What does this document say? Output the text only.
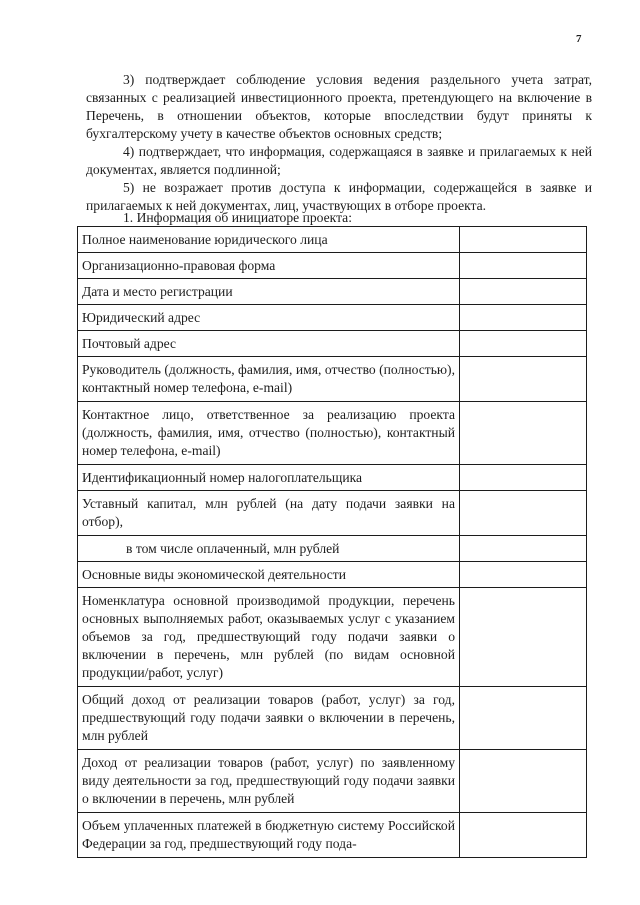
7

3) подтверждает соблюдение условия ведения раздельного учета затрат, связанных с реализацией инвестиционного проекта, претендующего на включение в Перечень, в отношении объектов, которые впоследствии будут приняты к бухгалтерскому учету в качестве объектов основных средств;

4) подтверждает, что информация, содержащаяся в заявке и прилагаемых к ней документах, является подлинной;

5) не возражает против доступа к информации, содержащейся в заявке и прилагаемых к ней документах, лиц, участвующих в отборе проекта.

1. Информация об инициаторе проекта:

Полное наименование юридического лица	
Организационно-правовая форма	
Дата и место регистрации	
Юридический адрес	
Почтовый адрес	
Руководитель (должность, фамилия, имя, отчество (полностью), контактный номер телефона, e-mail)	
Контактное лицо, ответственное за реализацию проекта (должность, фамилия, имя, отчество (полностью), контактный номер телефона, e-mail)	
Идентификационный номер налогоплательщика	
Уставный капитал, млн рублей (на дату подачи заявки на отбор),	
в том числе оплаченный, млн рублей	
Основные виды экономической деятельности	
Номенклатура основной производимой продукции, перечень основных выполняемых работ, оказываемых услуг с указанием объемов за год, предшествующий году подачи заявки о включении в перечень, млн рублей (по видам основной продукции/работ, услуг)	
Общий доход от реализации товаров (работ, услуг) за год, предшествующий году подачи заявки о включении в перечень, млн рублей	
Доход от реализации товаров (работ, услуг) по заявленному виду деятельности за год, предшествующий году подачи заявки о включении в перечень, млн рублей	
Объем уплаченных платежей в бюджетную систему Российской Федерации за год, предшествующий году пода-	
